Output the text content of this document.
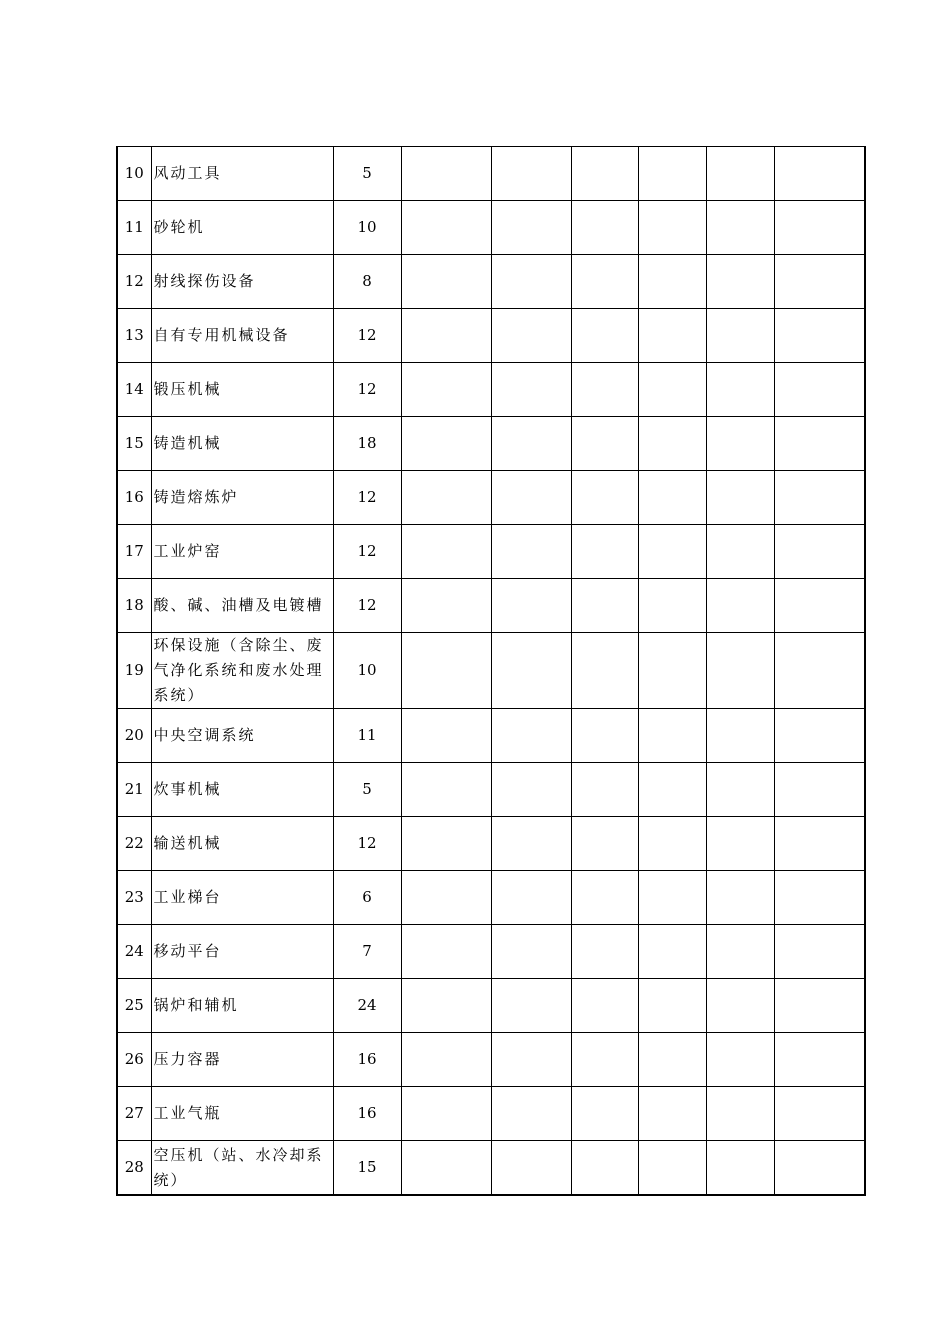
10	风动工具	5						
11	砂轮机	10						
12	射线探伤设备	8						
13	自有专用机械设备	12						
14	锻压机械	12						
15	铸造机械	18						
16	铸造熔炼炉	12						
17	工业炉窑	12						
18	酸、碱、油槽及电镀槽	12						
19	环保设施（含除尘、废气净化系统和废水处理系统）	10						
20	中央空调系统	11						
21	炊事机械	5						
22	输送机械	12						
23	工业梯台	6						
24	移动平台	7						
25	锅炉和辅机	24						
26	压力容器	16						
27	工业气瓶	16						
28	空压机（站、水冷却系统）	15						
